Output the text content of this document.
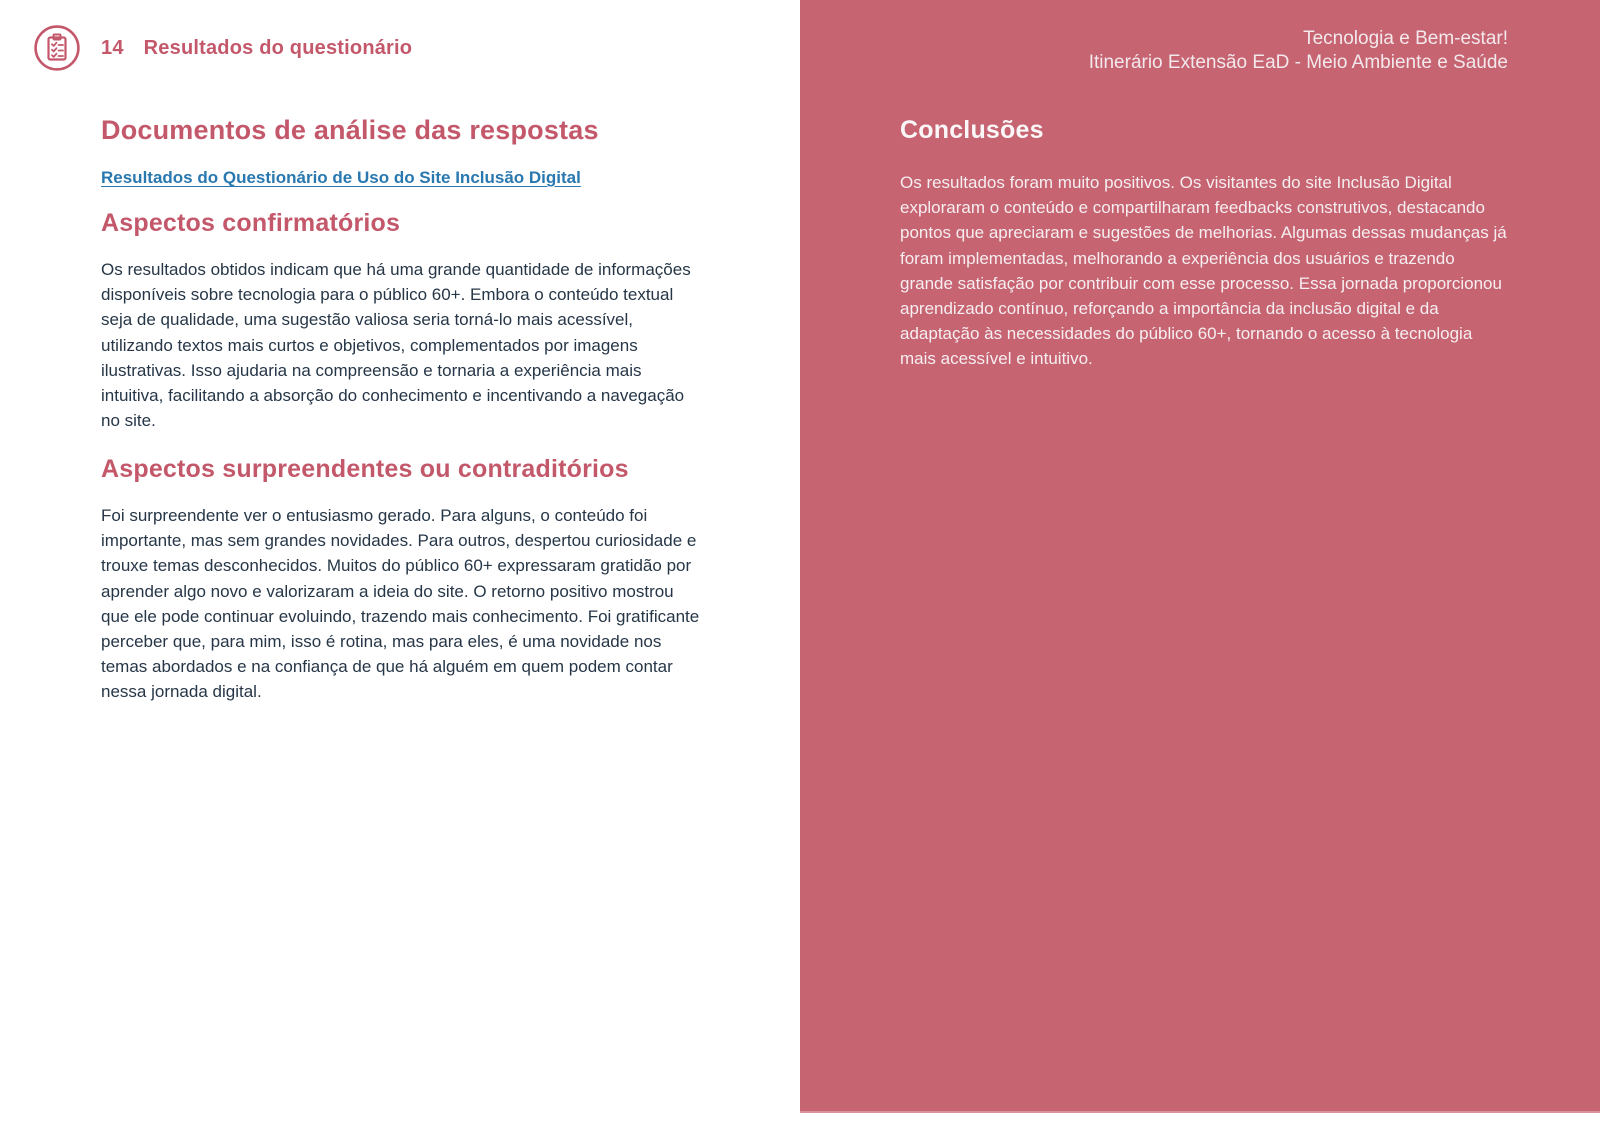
14 Resultados do questionário
Documentos de análise das respostas
Resultados do Questionário de Uso do Site Inclusão Digital
Aspectos confirmatórios

Os resultados obtidos indicam que há uma grande quantidade de informações disponíveis sobre tecnologia para o público 60+. Embora o conteúdo textual seja de qualidade, uma sugestão valiosa seria torná-lo mais acessível, utilizando textos mais curtos e objetivos, complementados por imagens ilustrativas. Isso ajudaria na compreensão e tornaria a experiência mais intuitiva, facilitando a absorção do conhecimento e incentivando a navegação no site.

Aspectos surpreendentes ou contraditórios

Foi surpreendente ver o entusiasmo gerado. Para alguns, o conteúdo foi importante, mas sem grandes novidades. Para outros, despertou curiosidade e trouxe temas desconhecidos. Muitos do público 60+ expressaram gratidão por aprender algo novo e valorizaram a ideia do site. O retorno positivo mostrou que ele pode continuar evoluindo, trazendo mais conhecimento. Foi gratificante perceber que, para mim, isso é rotina, mas para eles, é uma novidade nos temas abordados e na confiança de que há alguém em quem podem contar nessa jornada digital.

Tecnologia e Bem-estar!
Itinerário Extensão EaD - Meio Ambiente e Saúde
Conclusões

Os resultados foram muito positivos. Os visitantes do site Inclusão Digital exploraram o conteúdo e compartilharam feedbacks construtivos, destacando pontos que apreciaram e sugestões de melhorias. Algumas dessas mudanças já foram implementadas, melhorando a experiência dos usuários e trazendo grande satisfação por contribuir com esse processo. Essa jornada proporcionou aprendizado contínuo, reforçando a importância da inclusão digital e da adaptação às necessidades do público 60+, tornando o acesso à tecnologia mais acessível e intuitivo.
